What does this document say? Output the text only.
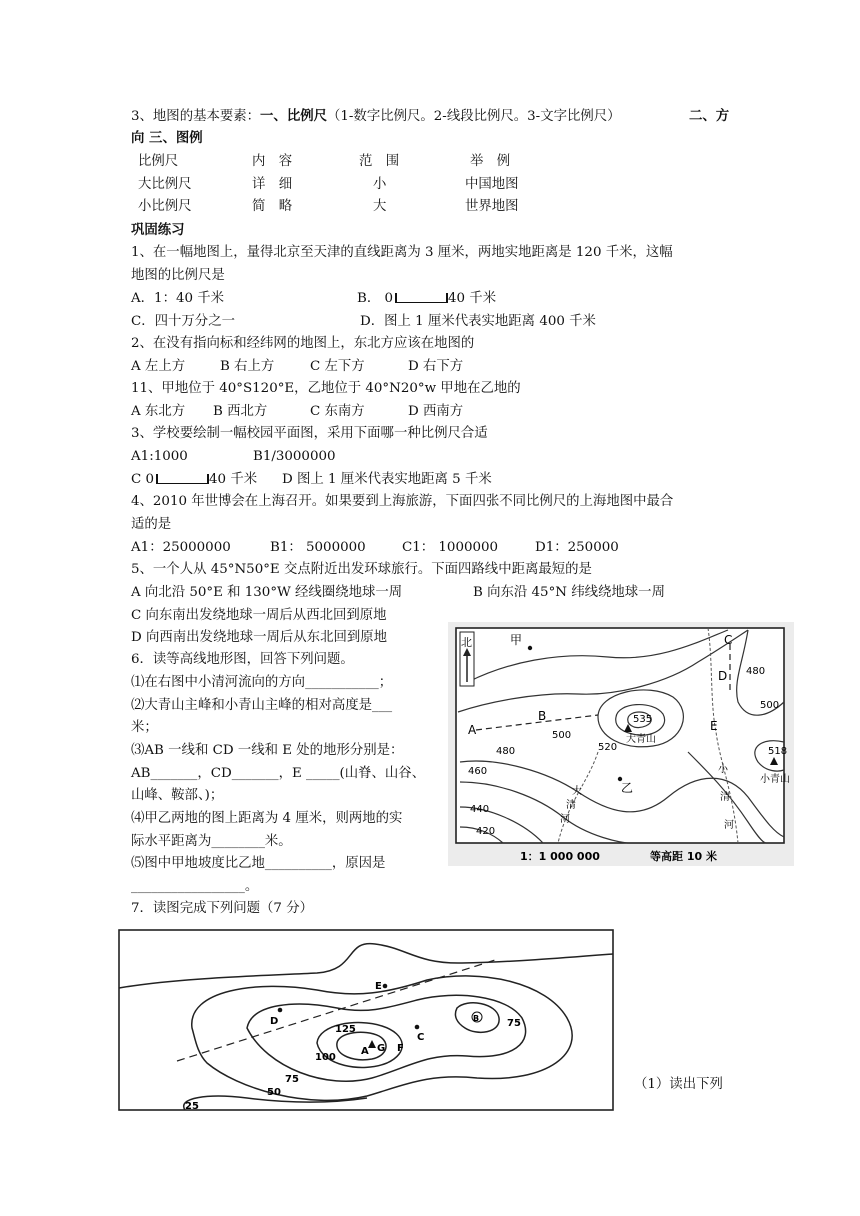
3、地图的基本要素：一、比例尺（1-数字比例尺。2-线段比例尺。3-文字比例尺）	二、方
向 三、图例
比例尺	内　容	范　围	举　例
大比例尺	详　细	小	中国地图
小比例尺	简　略	大	世界地图
巩固练习
1、在一幅地图上，量得北京至天津的直线距离为 3 厘米，两地实地距离是 120 千米，这幅
地图的比例尺是
A．1：40 千米	B． 0	40 千米
C．四十万分之一	D．图上 1 厘米代表实地距离 400 千米
2、在没有指向标和经纬网的地图上，东北方应该在地图的
A 左上方	B 右上方	C 左下方	D 右下方
11、甲地位于 40°S120°E，乙地位于 40°N20°w 甲地在乙地的
A 东北方 B 西北方	C 东南方	D 西南方
3、学校要绘制一幅校园平面图，采用下面哪一种比例尺合适
A1:1000	B1/3000000
C 0	40 千米 D 图上 1 厘米代表实地距离 5 千米
4、2010 年世博会在上海召开。如果要到上海旅游，下面四张不同比例尺的上海地图中最合
适的是
A1：25000000	B1： 5000000	C1： 1000000	D1：250000
5、一个人从 45°N50°E 交点附近出发环球旅行。下面四路线中距离最短的是
A 向北沿 50°E 和 130°W 经线圈绕地球一周	B 向东沿 45°N 纬线绕地球一周
C 向东南出发绕地球一周后从西北回到原地
D 向西南出发绕地球一周后从东北回到原地
6．读等高线地形图，回答下列问题。
⑴在右图中小清河流向的方向___________；
⑵大青山主峰和小青山主峰的相对高度是___
米；
⑶AB 一线和 CD 一线和 E 处的地形分别是：
AB_______，CD_______，E _____(山脊、山谷、
山峰、鞍部、)；
⑷甲乙两地的图上距离为 4 厘米，则两地的实
际水平距离为________米。
⑸图中甲地坡度比乙地__________，原因是
_________________。
7．读图完成下列问题（7 分）
（1）读出下列
北	甲	C
D
A
B
E
乙
480
500
500
520
480
460
440
420
535
大青山
518
小青山
大
清
河
小
清
河
1：1 000 000	等高距 10 米
E
D	B
C
A G F
125
100
75
75
50
25
